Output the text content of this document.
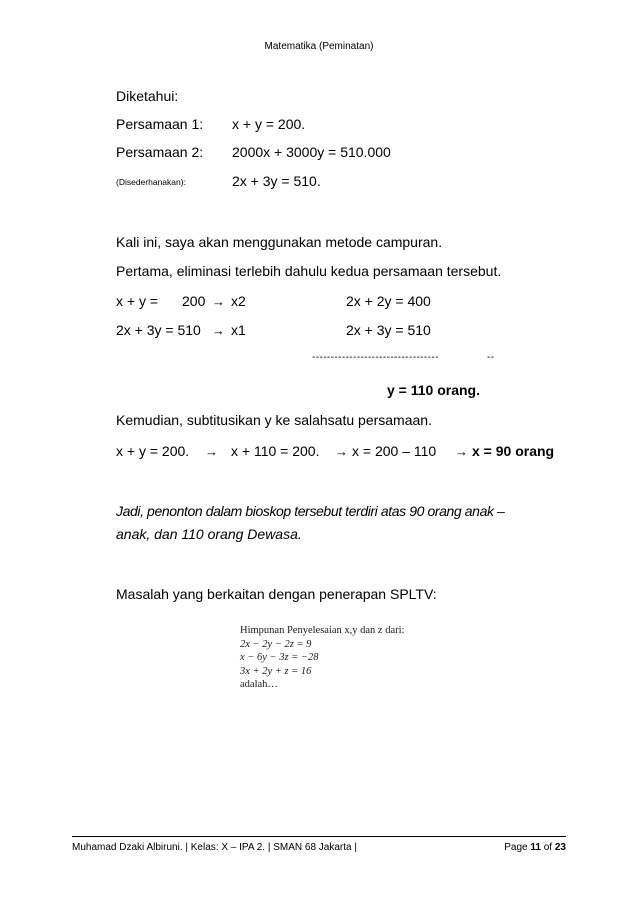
Matematika (Peminatan)
Diketahui:
Persamaan 1: x + y = 200.
Persamaan 2: 2000x + 3000y = 510.000
(Disederhanakan):	2x + 3y = 510.
Kali ini, saya akan menggunakan metode campuran.
Pertama, eliminasi terlebih dahulu kedua persamaan tersebut.
x + y = 200 → x2	2x + 2y = 400
2x + 3y = 510 → x1	2x + 3y = 510
----------------------------------	--
y = 110 orang.
Kemudian, subtitusikan y ke salahsatu persamaan.
x + y = 200. → x + 110 = 200. → x = 200 – 110 → x = 90 orang
Jadi, penonton dalam bioskop tersebut terdiri atas 90 orang anak –
anak, dan 110 orang Dewasa.
Masalah yang berkaitan dengan penerapan SPLTV:
Himpunan Penyelesaian x,y dan z dari:
2x − 2y − 2z = 9
x − 6y − 3z = −28
3x + 2y + z = 16
adalah…
Muhamad Dzaki Albiruni. | Kelas: X – IPA 2. | SMAN 68 Jakarta |	Page 11 of 23
